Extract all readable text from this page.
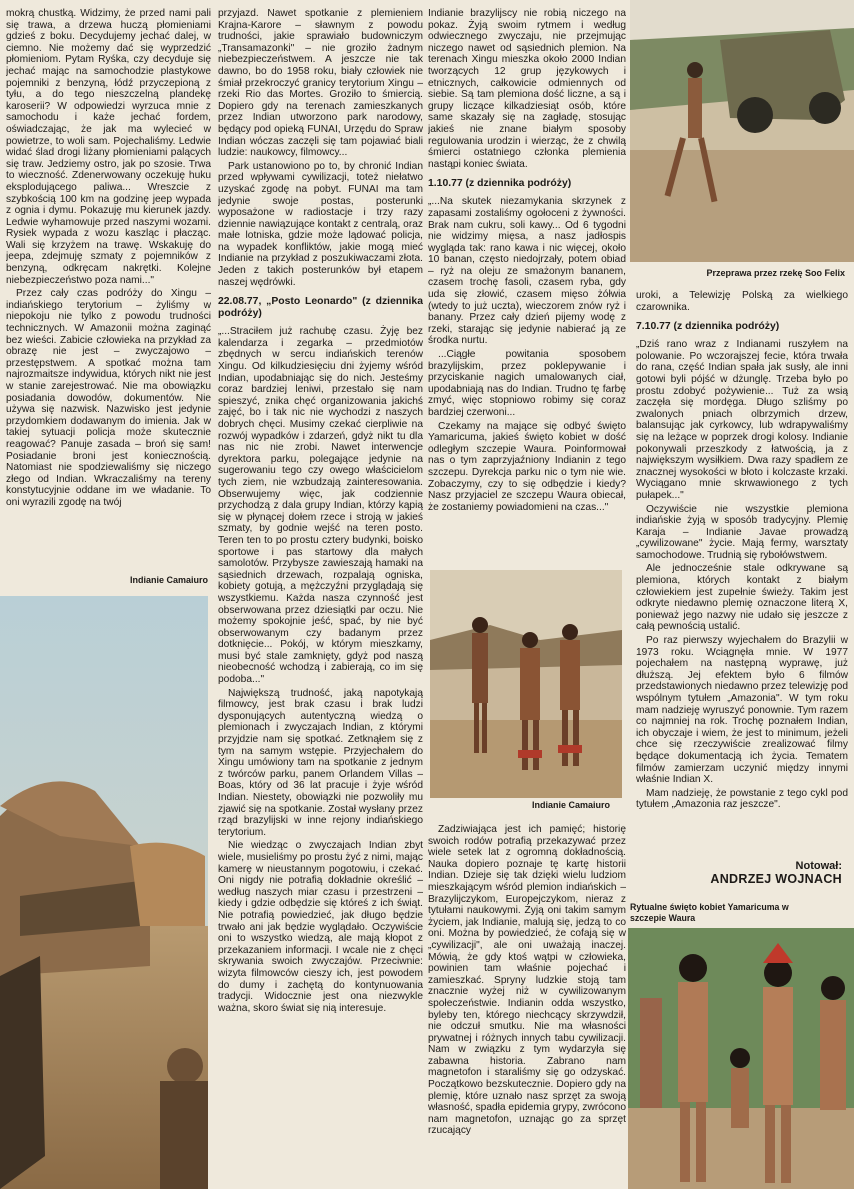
mokrą chustką. Widzimy, że przed nami pali się trawa, a drzewa huczą płomieniami gdzieś z boku. Decydujemy jechać dalej, w ciemno. Nie możemy dać się wyprzedzić płomieniom. Pytam Ryśka, czy decyduje się jechać mając na samochodzie plastykowe pojemniki z benzyną, łódź przyczepioną z tyłu, a do tego nieszczelną plandekę karoserii? W odpowiedzi wyrzuca mnie z samochodu i każe jechać fordem, oświadczając, że jak ma wylecieć w powietrze, to woli sam. Pojechaliśmy. Ledwie widać ślad drogi liżany płomieniami palących się traw. Jedziemy ostro, jak po szosie. Trwa to wieczność. Zdenerwowany oczekuję huku eksplodującego paliwa... Wreszcie z szybkością 100 km na godzinę jeep wypada z ognia i dymu. Pokazuję mu kierunek jazdy. Ledwie wyhamowuje przed naszymi wozami. Rysiek wypada z wozu kaszląc i płacząc. Wali się krzyżem na trawę. Wskakuję do jeepa, zdejmuję szmaty z pojemników z benzyną, odkręcam nakrętki. Kolejne niebezpieczeństwo poza nami..."

Przez cały czas podróży do Xingu – indiańskiego terytorium – żyliśmy w niepokoju nie tylko z powodu trudności technicznych. W Amazonii można zaginąć bez wieści. Zabicie człowieka na przykład za obrazę nie jest – zwyczajowo – przestępstwem. A spotkać można tam najrozmaitsze indywidua, których nikt nie jest w stanie zarejestrować. Nie ma obowiązku posiadania dowodów, dokumentów. Nie używa się nazwisk. Nazwisko jest jedynie przydomkiem dodawanym do imienia. Jak w takiej sytuacji policja może skutecznie reagować? Panuje zasada – broń się sam! Posiadanie broni jest koniecznością. Natomiast nie spodziewaliśmy się niczego złego od Indian. Wkraczaliśmy na tereny konstytucyjnie oddane im we władanie. To oni wyrazili zgodę na twój

Indianie Camaiuro

przyjazd. Nawet spotkanie z plemieniem Krajna-Karore – sławnym z powodu trudności, jakie sprawiało budowniczym „Transamazonki" – nie groziło żadnym niebezpieczeństwem. A jeszcze nie tak dawno, bo do 1958 roku, biały człowiek nie śmiał przekroczyć granicy terytorium Xingu – rzeki Rio das Mortes. Groziło to śmiercią. Dopiero gdy na terenach zamieszkanych przez Indian utworzono park narodowy, będący pod opieką FUNAI, Urzędu do Spraw Indian wóczas zaczęli się tam pojawiać biali ludzie: naukowcy, filmowcy...

Park ustanowiono po to, by chronić Indian przed wpływami cywilizacji, toteż niełatwo uzyskać zgodę na pobyt. FUNAI ma tam jedynie swoje postas, posterunki wyposażone w radiostacje i trzy razy dziennie nawiązujące kontakt z centralą, oraz małe lotniska, gdzie może lądować policja, na wypadek konfliktów, jakie mogą mieć Indianie na przykład z poszukiwaczami złota. Jeden z takich posterunków był etapem naszej wędrówki.

22.08.77, „Posto Leonardo" (z dziennika podróży)

„...Straciłem już rachubę czasu. Żyję bez kalendarza i zegarka – przedmiotów zbędnych w sercu indiańskich terenów Xingu. Od kilkudziesięciu dni żyjemy wśród Indian, upodabniając się do nich. Jesteśmy coraz bardziej leniwi, przestało się nam spieszyć, znika chęć organizowania jakichś zajęć, bo i tak nic nie wychodzi z naszych dobrych chęci. Musimy czekać cierpliwie na rozwój wypadków i zdarzeń, gdyż nikt tu dla nas nic nie zrobi. Nawet interwencje dyrektora parku, polegające jedynie na sugerowaniu tego czy owego właścicielom tych ziem, nie wzbudzają zainteresowania. Obserwujemy więc, jak codziennie przychodzą z dala grupy Indian, którzy kąpią się w płynącej dołem rzece i stroją w jakieś szmaty, by godnie wejść na teren posto. Teren ten to po prostu cztery budynki, boisko sportowe i pas startowy dla małych samolotów. Przybysze zawieszają hamaki na sąsiednich drzewach, rozpalają ogniska, kobiety gotują, a mężczyźni przyglądają się wszystkiemu. Każda nasza czynność jest obserwowana przez dziesiątki par oczu. Nie możemy spokojnie jeść, spać, by nie być obserwowanym czy badanym przez dotknięcie... Pokój, w którym mieszkamy, musi być stale zamknięty, gdyż pod naszą nieobecność wchodzą i zabierają, co im się podoba..."

Największą trudność, jaką napotykają filmowcy, jest brak czasu i brak ludzi dysponujących autentyczną wiedzą o plemionach i zwyczajach Indian, z którymi przyjdzie nam się spotkać. Zetknąłem się z tym na samym wstępie. Przyjechałem do Xingu umówiony tam na spotkanie z jednym z twórców parku, panem Orlandem Villas – Boas, który od 36 lat pracuje i żyje wśród Indian. Niestety, obowiązki nie pozwoliły mu zjawić się na spotkanie. Został wysłany przez rząd brazylijski w inne rejony indiańskiego terytorium.

Nie wiedząc o zwyczajach Indian zbyt wiele, musieliśmy po prostu żyć z nimi, mając kamerę w nieustannym pogotowiu, i czekać. Oni nigdy nie potrafią dokładnie określić – według naszych miar czasu i przestrzeni – kiedy i gdzie odbędzie się któreś z ich świąt. Nie potrafią powiedzieć, jak długo będzie trwało ani jak będzie wyglądało. Oczywiście oni to wszystko wiedzą, ale mają kłopot z przekazaniem informacji. I wcale nie z chęci skrywania swoich zwyczajów. Przeciwnie: wizyta filmowców cieszy ich, jest powodem do dumy i zachętą do kontynuowania tradycji. Widocznie jest ona niezwykle ważna, skoro świat się nią interesuje.

Indianie brazylijscy nie robią niczego na pokaz. Żyją swoim rytmem i według odwiecznego zwyczaju, nie przejmując niczego nawet od sąsiednich plemion. Na terenach Xingu mieszka około 2000 Indian tworzących 12 grup językowych i etnicznych, całkowicie odmiennych od siebie. Są tam plemiona dość liczne, a są i grupy liczące kilkadziesiąt osób, które same skazały się na zagładę, stosując jakieś nie znane białym sposoby regulowania urodzin i wierząc, że z chwilą śmierci ostatniego członka plemienia nastąpi koniec świata.

1.10.77 (z dziennika podróży)

„...Na skutek niezamykania skrzynek z zapasami zostaliśmy ogołoceni z żywności. Brak nam cukru, soli kawy... Od 6 tygodni nie widzimy mięsa, a nasz jadłospis wygląda tak: rano kawa i nic więcej, około 10 banan, często niedojrzały, potem obiad – ryż na oleju ze smażonym bananem, czasem trochę fasoli, czasem ryba, gdy uda się złowić, czasem mięso żółwia (wtedy to już uczta), wieczorem znów ryż i banany. Przez cały dzień pijemy wodę z rzeki, starając się jedynie nabierać ją ze środka nurtu.

...Ciągłe powitania sposobem brazylijskim, przez poklepywanie i przyciskanie nagich umalowanych ciał, upodabniają nas do Indian. Trudno tę farbę zmyć, więc stopniowo robimy się coraz bardziej czerwoni...

Czekamy na mające się odbyć święto Yamaricuma, jakieś święto kobiet w dość odległym szczepie Waura. Poinformował nas o tym zaprzyjaźniony Indianin z tego szczepu. Dyrekcja parku nic o tym nie wie. Zobaczymy, czy to się odbędzie i kiedy? Nasz przyjaciel ze szczepu Waura obiecał, że zostaniemy powiadomieni na czas..."

Indianie Camaiuro

Zadziwiająca jest ich pamięć; historię swoich rodów potrafią przekazywać przez wiele setek lat z ogromną dokładnością. Nauka dopiero poznaje tę kartę historii Indian. Dzieje się tak dzięki wielu ludziom mieszkającym wśród plemion indiańskich – Brazylijczykom, Europejczykom, nieraz z tytułami naukowymi. Żyją oni takim samym życiem, jak Indianie, malują się, jedzą to co oni. Można by powiedzieć, że cofają się w „cywilizacji", ale oni uważają inaczej. Mówią, że gdy ktoś wątpi w człowieka, powinien tam właśnie pojechać i zamieszkać. Spryny ludzkie stoją tam znacznie wyżej niż w cywilizowanym społeczeństwie. Indianin odda wszystko, byleby ten, którego niechcący skrzywdził, nie odczuł smutku. Nie ma własności prywatnej i różnych innych tabu cywilizacji. Nam w związku z tym wydarzyła się zabawna historia. Zabrano nam magnetofon i staraliśmy się go odzyskać. Początkowo bezskutecznie. Dopiero gdy na plemię, które uznało nasz sprzęt za swoją własność, spadła epidemia grypy, zwrócono nam magnetofon, uznając go za sprzęt rzucający

Przeprawa przez rzekę Soo Felix

uroki, a Telewizję Polską za wielkiego czarownika.

7.10.77 (z dziennika podróży)

„Dziś rano wraz z Indianami ruszyłem na polowanie. Po wczorajszej fecie, która trwała do rana, część Indian spała jak susły, ale inni gotowi byli pójść w dżunglę. Trzeba było po prostu zdobyć pożywienie... Tuż za wsią zaczęła się mordęga. Długo szliśmy po zwalonych pniach olbrzymich drzew, balansując jak cyrkowcy, lub wdrapywaliśmy się na leżące w poprzek drogi kolosy. Indianie pokonywali przeszkody z łatwością, ja z największym wysiłkiem. Dwa razy spadłem ze znacznej wysokości w błoto i kolczaste krzaki. Wyciągano mnie skrwawionego z tych pułapek..."

Oczywiście nie wszystkie plemiona indiańskie żyją w sposób tradycyjny. Plemię Karaja – Indianie Javae prowadzą „cywilizowane" życie. Mają fermy, warsztaty samochodowe. Trudnią się rybołówstwem.

Ale jednocześnie stale odkrywane są plemiona, których kontakt z białym człowiekiem jest zupełnie świeży. Takim jest odkryte niedawno plemię oznaczone literą X, ponieważ jego nazwy nie udało się jeszcze z całą pewnością ustalić.

Po raz pierwszy wyjechałem do Brazylii w 1973 roku. Wciągnęła mnie. W 1977 pojechałem na następną wyprawę, już dłuższą. Jej efektem było 6 filmów przedstawionych niedawno przez telewizję pod wspólnym tytułem „Amazonia". W tym roku mam nadzieję wyruszyć ponownie. Tym razem co najmniej na rok. Trochę poznałem Indian, ich obyczaje i wiem, że jest to minimum, jeżeli chce się rzeczywiście zrealizować filmy będące dokumentacją ich życia. Tematem filmów zamierzam uczynić między innymi właśnie Indian X.

Mam nadzieję, że powstanie z tego cykl pod tytułem „Amazonia raz jeszcze".

Notował:
ANDRZEJ WOJNACH
Rytualne święto kobiet Yamaricuma w szczepie Waura
